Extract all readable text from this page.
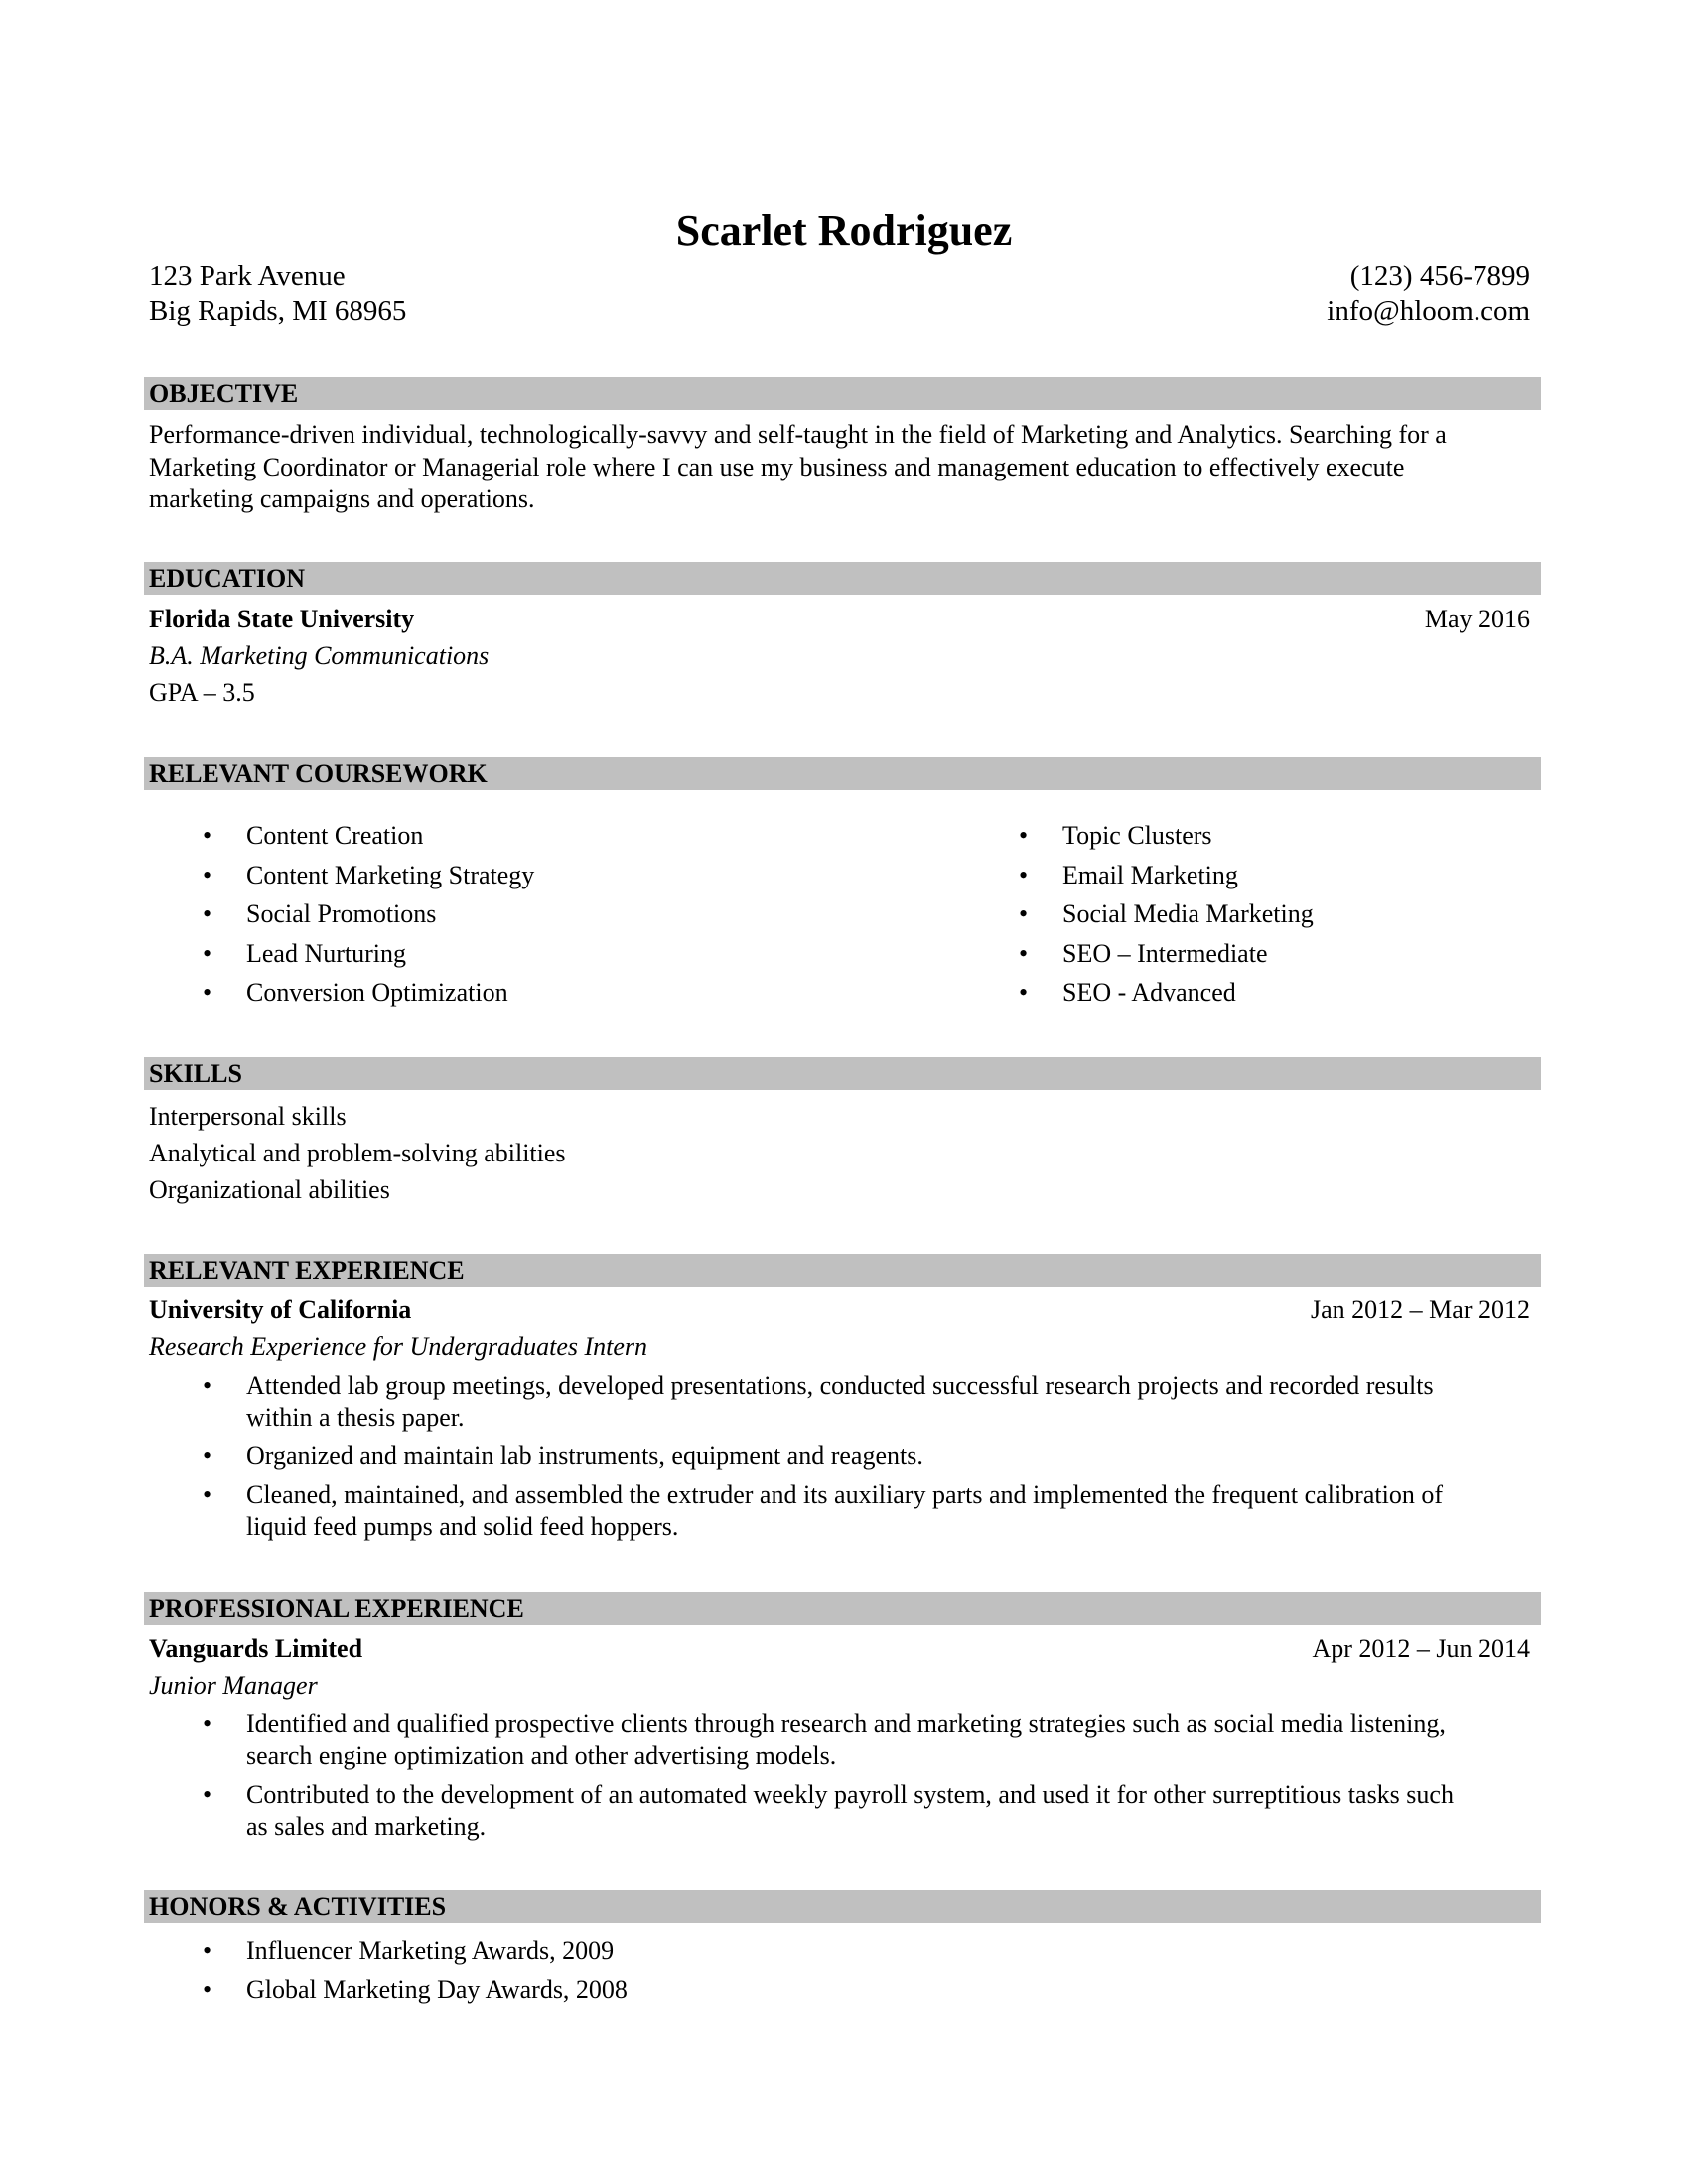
Scarlet Rodriguez
123 Park Avenue
Big Rapids, MI 68965
(123) 456-7899
info@hloom.com
OBJECTIVE
Performance-driven individual, technologically-savvy and self-taught in the field of Marketing and Analytics. Searching for a
Marketing Coordinator or Managerial role where I can use my business and management education to effectively execute
marketing campaigns and operations.
EDUCATION
Florida State University	May 2016
B.A. Marketing Communications
GPA – 3.5
RELEVANT COURSEWORK
• Content Creation
• Content Marketing Strategy
• Social Promotions
• Lead Nurturing
• Conversion Optimization
• Topic Clusters
• Email Marketing
• Social Media Marketing
• SEO – Intermediate
• SEO - Advanced
SKILLS
Interpersonal skills
Analytical and problem-solving abilities
Organizational abilities
RELEVANT EXPERIENCE
University of California	Jan 2012 – Mar 2012
Research Experience for Undergraduates Intern
• Attended lab group meetings, developed presentations, conducted successful research projects and recorded results
within a thesis paper.
• Organized and maintain lab instruments, equipment and reagents.
• Cleaned, maintained, and assembled the extruder and its auxiliary parts and implemented the frequent calibration of
liquid feed pumps and solid feed hoppers.
PROFESSIONAL EXPERIENCE
Vanguards Limited	Apr 2012 – Jun 2014
Junior Manager
• Identified and qualified prospective clients through research and marketing strategies such as social media listening,
search engine optimization and other advertising models.
• Contributed to the development of an automated weekly payroll system, and used it for other surreptitious tasks such
as sales and marketing.
HONORS & ACTIVITIES
• Influencer Marketing Awards, 2009
• Global Marketing Day Awards, 2008
